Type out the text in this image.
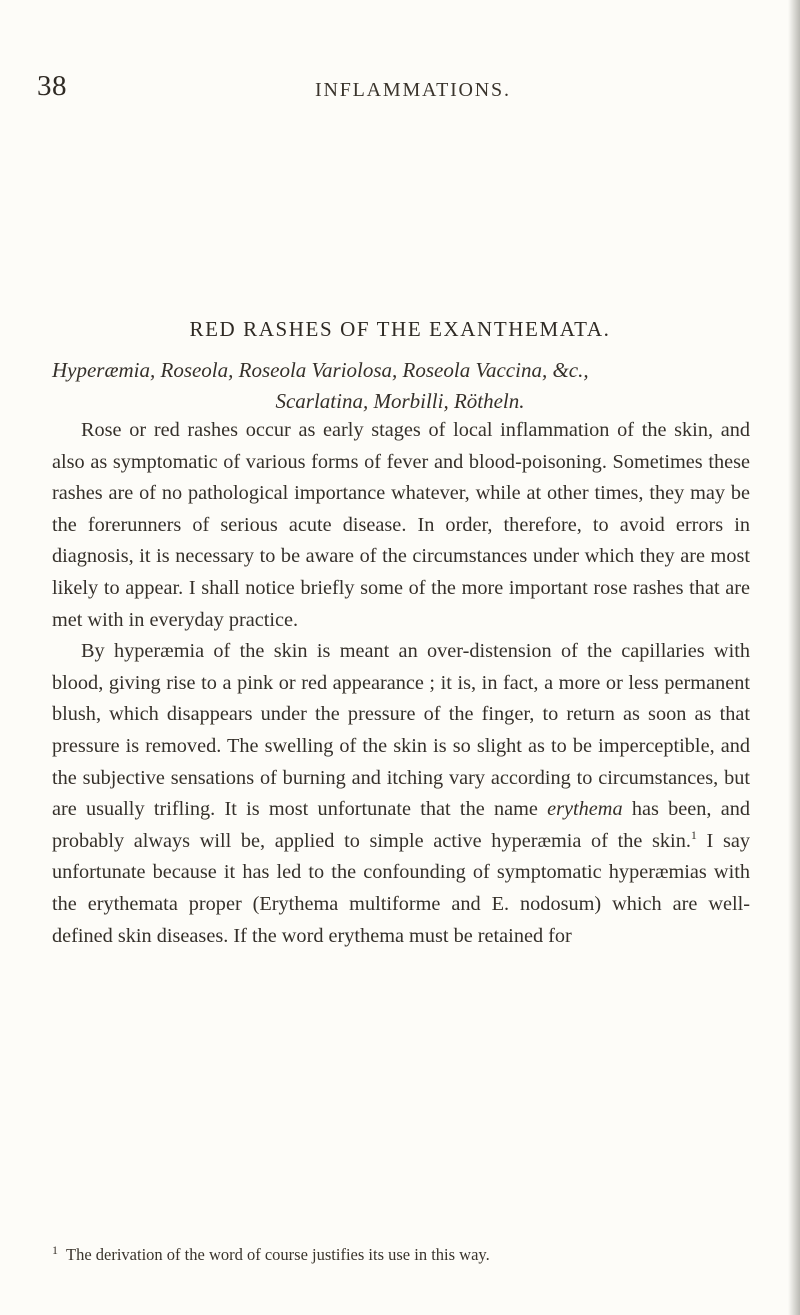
38	INFLAMMATIONS.
RED RASHES OF THE EXANTHEMATA.
Hyperæmia, Roseola, Roseola Variolosa, Roseola Vaccina, &c.,
Scarlatina, Morbilli, Rötheln.

Rose or red rashes occur as early stages of local inflammation of the skin, and also as symptomatic of various forms of fever and blood-poisoning. Sometimes these rashes are of no pathological importance whatever, while at other times, they may be the forerunners of serious acute disease. In order, therefore, to avoid errors in diagnosis, it is necessary to be aware of the circumstances under which they are most likely to appear. I shall notice briefly some of the more important rose rashes that are met with in everyday practice.

By hyperæmia of the skin is meant an over-distension of the capillaries with blood, giving rise to a pink or red appearance ; it is, in fact, a more or less permanent blush, which disappears under the pressure of the finger, to return as soon as that pressure is removed. The swelling of the skin is so slight as to be imperceptible, and the subjective sensations of burning and itching vary according to circumstances, but are usually trifling. It is most unfortunate that the name erythema has been, and probably always will be, applied to simple active hyperæmia of the skin.$^1$ I say unfortunate because it has led to the confounding of symptomatic hyperæmias with the erythemata proper (Erythema multiforme and E. nodosum) which are well-defined skin diseases. If the word erythema must be retained for

$^1$ The derivation of the word of course justifies its use in this way.
